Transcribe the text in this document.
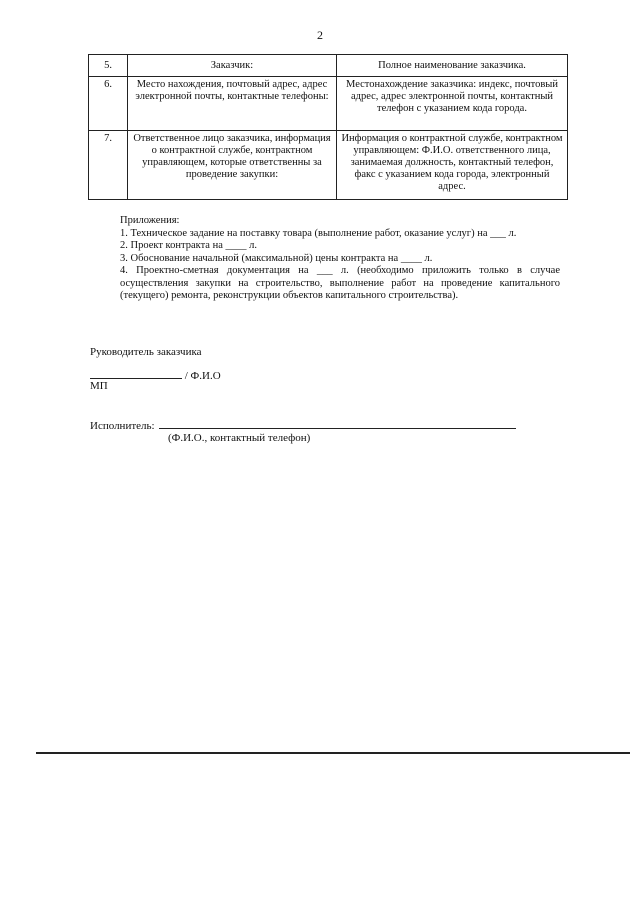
2
5.	Заказчик:	Полное наименование заказчика.
6.	Место нахождения, почтовый адрес, адрес электронной почты, контактные телефоны:	Местонахождение заказчика: индекс, почтовый адрес, адрес электронной почты, контактный телефон с указанием кода города.
7.	Ответственное лицо заказчика, информация о контрактной службе, контрактном управляющем, которые ответственны за проведение закупки:	Информация о контрактной службе, контрактном управляющем: Ф.И.О. ответственного лица, занимаемая должность, контактный телефон, факс с указанием кода города, электронный адрес.
Приложения:
1. Техническое задание на поставку товара (выполнение работ, оказание услуг) на ___ л.
2. Проект контракта на ____ л.
3. Обоснование начальной (максимальной) цены контракта на ____ л.
4. Проектно-сметная документация на ___ л. (необходимо приложить только в случае осуществления закупки на строительство, выполнение работ на проведение капитального (текущего) ремонта, реконструкции объектов капитального строительства).
Руководитель заказчика
/ Ф.И.О
МП
Исполнитель:
(Ф.И.О., контактный телефон)
